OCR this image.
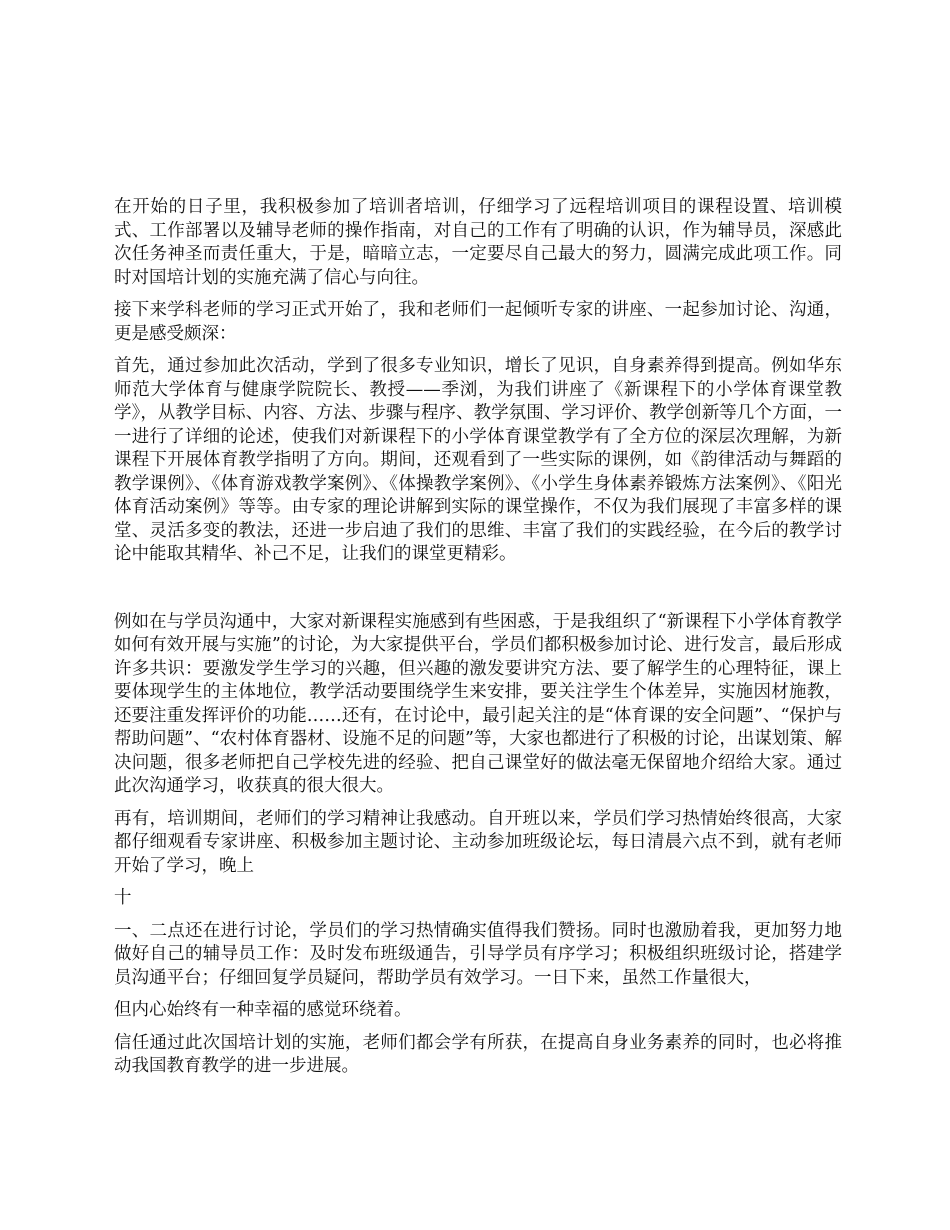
在开始的日子里，我积极参加了培训者培训，仔细学习了远程培训项目的课程设置、培训模式、工作部署以及辅导老师的操作指南，对自己的工作有了明确的认识，作为辅导员，深感此次任务神圣而责任重大，于是，暗暗立志，一定要尽自己最大的努力，圆满完成此项工作。同时对国培计划的实施充满了信心与向往。

接下来学科老师的学习正式开始了，我和老师们一起倾听专家的讲座、一起参加讨论、沟通，更是感受颇深：

首先，通过参加此次活动，学到了很多专业知识，增长了见识，自身素养得到提高。例如华东师范大学体育与健康学院院长、教授——季浏，为我们讲座了《新课程下的小学体育课堂教学》，从教学目标、内容、方法、步骤与程序、教学氛围、学习评价、教学创新等几个方面，一一进行了详细的论述，使我们对新课程下的小学体育课堂教学有了全方位的深层次理解，为新课程下开展体育教学指明了方向。期间，还观看到了一些实际的课例，如《韵律活动与舞蹈的教学课例》、《体育游戏教学案例》、《体操教学案例》、《小学生身体素养锻炼方法案例》、《阳光体育活动案例》等等。由专家的理论讲解到实际的课堂操作，不仅为我们展现了丰富多样的课堂、灵活多变的教法，还进一步启迪了我们的思维、丰富了我们的实践经验，在今后的教学讨论中能取其精华、补己不足，让我们的课堂更精彩。

例如在与学员沟通中，大家对新课程实施感到有些困惑，于是我组织了“新课程下小学体育教学如何有效开展与实施”的讨论，为大家提供平台，学员们都积极参加讨论、进行发言，最后形成许多共识：要激发学生学习的兴趣，但兴趣的激发要讲究方法、要了解学生的心理特征，课上要体现学生的主体地位，教学活动要围绕学生来安排，要关注学生个体差异，实施因材施教，还要注重发挥评价的功能……还有，在讨论中，最引起关注的是“体育课的安全问题”、“保护与帮助问题”、“农村体育器材、设施不足的问题”等，大家也都进行了积极的讨论，出谋划策、解决问题，很多老师把自己学校先进的经验、把自己课堂好的做法毫无保留地介绍给大家。通过此次沟通学习，收获真的很大很大。

再有，培训期间，老师们的学习精神让我感动。自开班以来，学员们学习热情始终很高，大家都仔细观看专家讲座、积极参加主题讨论、主动参加班级论坛，每日清晨六点不到，就有老师开始了学习，晚上

十

一、二点还在进行讨论，学员们的学习热情确实值得我们赞扬。同时也激励着我，更加努力地做好自己的辅导员工作：及时发布班级通告，引导学员有序学习；积极组织班级讨论，搭建学员沟通平台；仔细回复学员疑问，帮助学员有效学习。一日下来，虽然工作量很大，

但内心始终有一种幸福的感觉环绕着。

信任通过此次国培计划的实施，老师们都会学有所获，在提高自身业务素养的同时，也必将推动我国教育教学的进一步进展。
